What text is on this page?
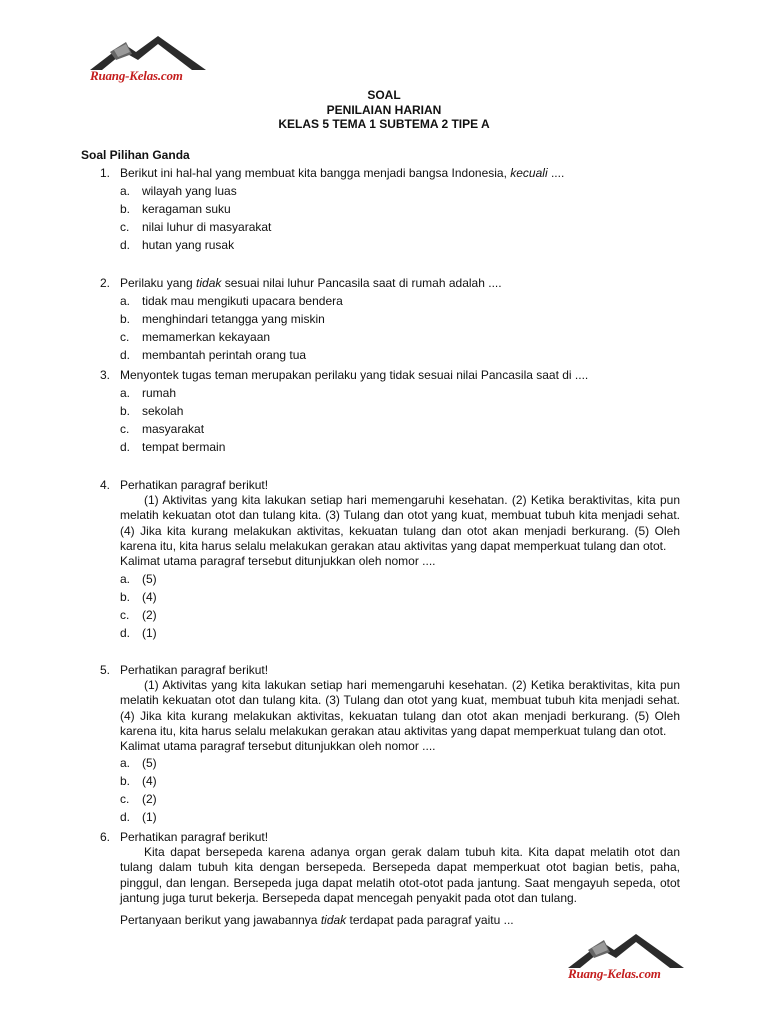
Ruang-Kelas.com
SOAL
PENILAIAN HARIAN
KELAS 5 TEMA 1 SUBTEMA 2 TIPE A
Soal Pilihan Ganda
1. Berikut ini hal-hal yang membuat kita bangga menjadi bangsa Indonesia, kecuali ....
a. wilayah yang luas
b. keragaman suku
c. nilai luhur di masyarakat
d. hutan yang rusak
2. Perilaku yang tidak sesuai nilai luhur Pancasila saat di rumah adalah ....
a. tidak mau mengikuti upacara bendera
b. menghindari tetangga yang miskin
c. memamerkan kekayaan
d. membantah perintah orang tua
3. Menyontek tugas teman merupakan perilaku yang tidak sesuai nilai Pancasila saat di ....
a. rumah
b. sekolah
c. masyarakat
d. tempat bermain
4. Perhatikan paragraf berikut!
(1) Aktivitas yang kita lakukan setiap hari memengaruhi kesehatan. (2) Ketika beraktivitas, kita pun melatih kekuatan otot dan tulang kita. (3) Tulang dan otot yang kuat, membuat tubuh kita menjadi sehat. (4) Jika kita kurang melakukan aktivitas, kekuatan tulang dan otot akan menjadi berkurang. (5) Oleh karena itu, kita harus selalu melakukan gerakan atau aktivitas yang dapat memperkuat tulang dan otot.
Kalimat utama paragraf tersebut ditunjukkan oleh nomor ....
a. (5)
b. (4)
c. (2)
d. (1)
5. Perhatikan paragraf berikut!
(1) Aktivitas yang kita lakukan setiap hari memengaruhi kesehatan. (2) Ketika beraktivitas, kita pun melatih kekuatan otot dan tulang kita. (3) Tulang dan otot yang kuat, membuat tubuh kita menjadi sehat. (4) Jika kita kurang melakukan aktivitas, kekuatan tulang dan otot akan menjadi berkurang. (5) Oleh karena itu, kita harus selalu melakukan gerakan atau aktivitas yang dapat memperkuat tulang dan otot.
Kalimat utama paragraf tersebut ditunjukkan oleh nomor ....
a. (5)
b. (4)
c. (2)
d. (1)
6. Perhatikan paragraf berikut!
Kita dapat bersepeda karena adanya organ gerak dalam tubuh kita. Kita dapat melatih otot dan tulang dalam tubuh kita dengan bersepeda. Bersepeda dapat memperkuat otot bagian betis, paha, pinggul, dan lengan. Bersepeda juga dapat melatih otot-otot pada jantung. Saat mengayuh sepeda, otot jantung juga turut bekerja. Bersepeda dapat mencegah penyakit pada otot dan tulang.
Pertanyaan berikut yang jawabannya tidak terdapat pada paragraf yaitu ...
Ruang-Kelas.com
